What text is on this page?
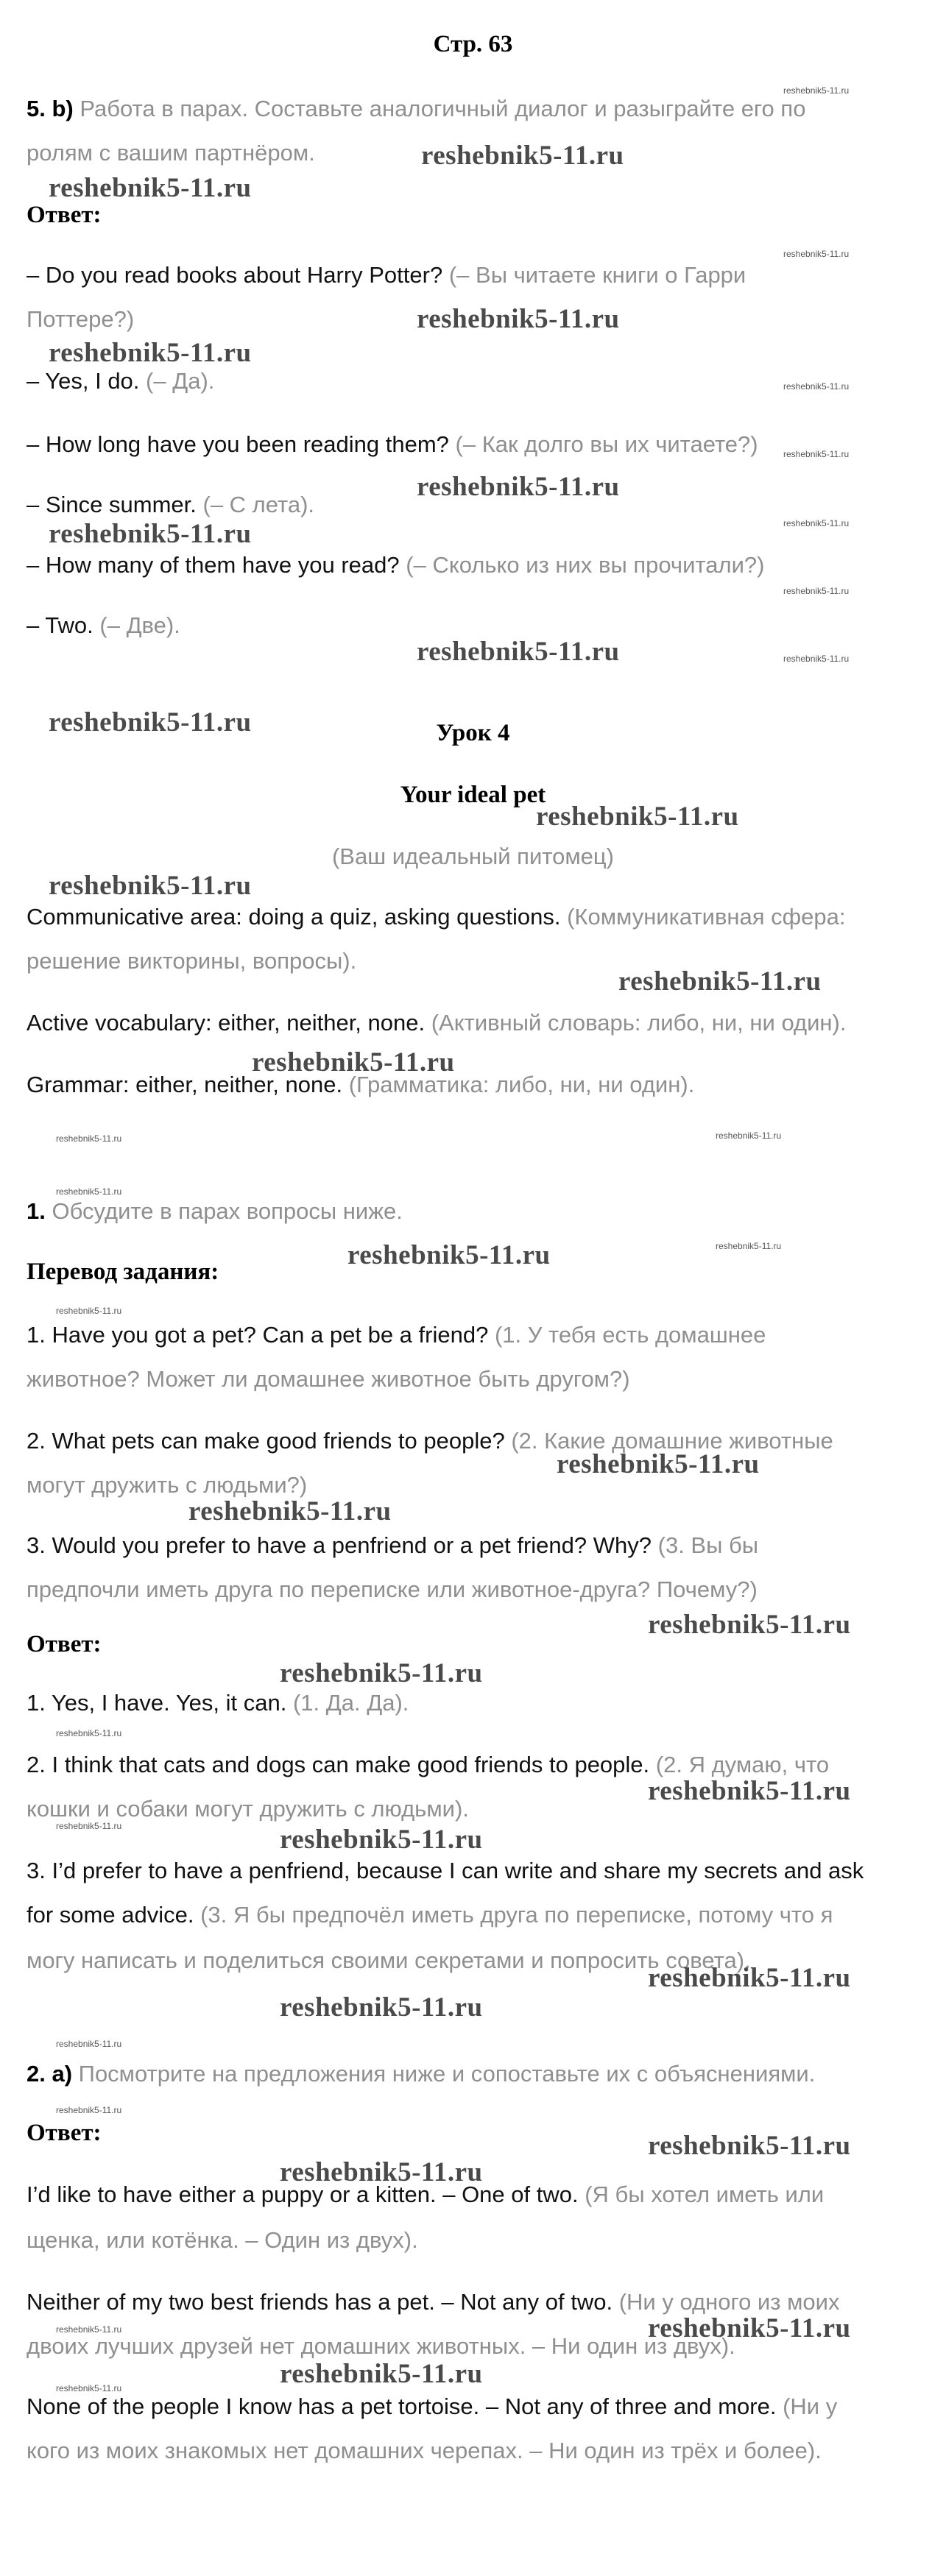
Стр. 63
5. b) Работа в парах. Составьте аналогичный диалог и разыграйте его по
ролям с вашим партнёром.
Ответ:
– Do you read books about Harry Potter? (– Вы читаете книги о Гарри
Поттере?)
– Yes, I do. (– Да).
– How long have you been reading them? (– Как долго вы их читаете?)
– Since summer. (– С лета).
– How many of them have you read? (– Сколько из них вы прочитали?)
– Two. (– Две).
Урок 4
Your ideal pet
(Ваш идеальный питомец)
Communicative area: doing a quiz, asking questions. (Коммуникативная сфера:
решение викторины, вопросы).
Active vocabulary: either, neither, none. (Активный словарь: либо, ни, ни один).
Grammar: either, neither, none. (Грамматика: либо, ни, ни один).
1. Обсудите в парах вопросы ниже.
Перевод задания:
1. Have you got a pet? Can a pet be a friend? (1. У тебя есть домашнее
животное? Может ли домашнее животное быть другом?)
2. What pets can make good friends to people? (2. Какие домашние животные
могут дружить с людьми?)
3. Would you prefer to have a penfriend or a pet friend? Why? (3. Вы бы
предпочли иметь друга по переписке или животное-друга? Почему?)
Ответ:
1. Yes, I have. Yes, it can. (1. Да. Да).
2. I think that cats and dogs can make good friends to people. (2. Я думаю, что
кошки и собаки могут дружить с людьми).
3. I’d prefer to have a penfriend, because I can write and share my secrets and ask
for some advice. (3. Я бы предпочёл иметь друга по переписке, потому что я
могу написать и поделиться своими секретами и попросить совета).
2. a) Посмотрите на предложения ниже и сопоставьте их с объяснениями.
Ответ:
I’d like to have either a puppy or a kitten. – One of two. (Я бы хотел иметь или
щенка, или котёнка. – Один из двух).
Neither of my two best friends has a pet. – Not any of two. (Ни у одного из моих
двоих лучших друзей нет домашних животных. – Ни один из двух).
None of the people I know has a pet tortoise. – Not any of three and more. (Ни у
кого из моих знакомых нет домашних черепах. – Ни один из трёх и более).
reshebnik5-11.ru
reshebnik5-11.ru
reshebnik5-11.ru
reshebnik5-11.ru
reshebnik5-11.ru
reshebnik5-11.ru
reshebnik5-11.ru
reshebnik5-11.ru
reshebnik5-11.ru
reshebnik5-11.ru
reshebnik5-11.ru
reshebnik5-11.ru
reshebnik5-11.ru
reshebnik5-11.ru
reshebnik5-11.ru
reshebnik5-11.ru
reshebnik5-11.ru
reshebnik5-11.ru
reshebnik5-11.ru
reshebnik5-11.ru
reshebnik5-11.ru
reshebnik5-11.ru
reshebnik5-11.ru
reshebnik5-11.ru
reshebnik5-11.ru
reshebnik5-11.ru
reshebnik5-11.ru
reshebnik5-11.ru
reshebnik5-11.ru
reshebnik5-11.ru
reshebnik5-11.ru
reshebnik5-11.ru
reshebnik5-11.ru
reshebnik5-11.ru
reshebnik5-11.ru
reshebnik5-11.ru
reshebnik5-11.ru
reshebnik5-11.ru
reshebnik5-11.ru
reshebnik5-11.ru
reshebnik5-11.ru
reshebnik5-11.ru
reshebnik5-11.ru
